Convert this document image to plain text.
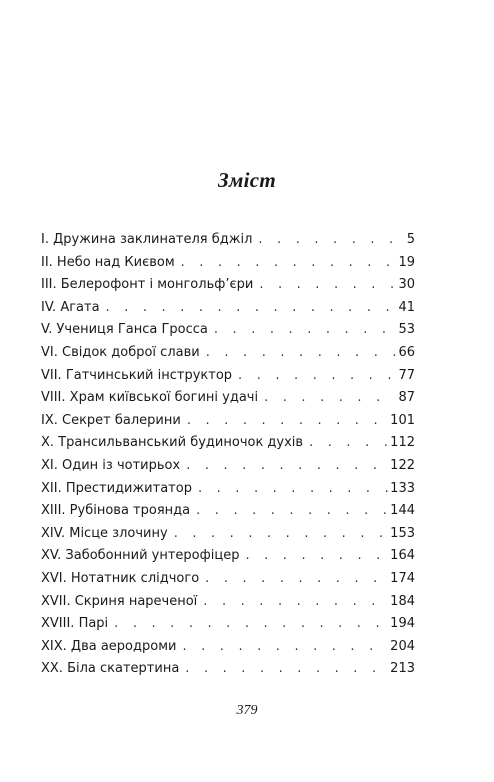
Зміст
I. Дружина заклинателя бджіл . . .	5
II. Небо над Києвом . . .	19
III. Белерофонт і монгольф’єри . . .	30
IV. Агата . . .	41
V. Учениця Ганса Гросса . . .	53
VI. Свідок доброї слави . . .	66
VII. Гатчинський інструктор . . .	77
VIII. Храм київської богині удачі . . .	87
IX. Секрет балерини . . .	101
X. Трансильванський будиночок духів . . .	112
XI. Один із чотирьох . . .	122
XII. Престидижитатор . . .	133
XIII. Рубінова троянда . . .	144
XIV. Місце злочину . . .	153
XV. Забобонний унтерофіцер . . .	164
XVI. Нотатник слідчого . . .	174
XVII. Скриня нареченої . . .	184
XVIII. Парі . . .	194
XIX. Два аеродроми . . .	204
XX. Біла скатертина . . .	213
379
